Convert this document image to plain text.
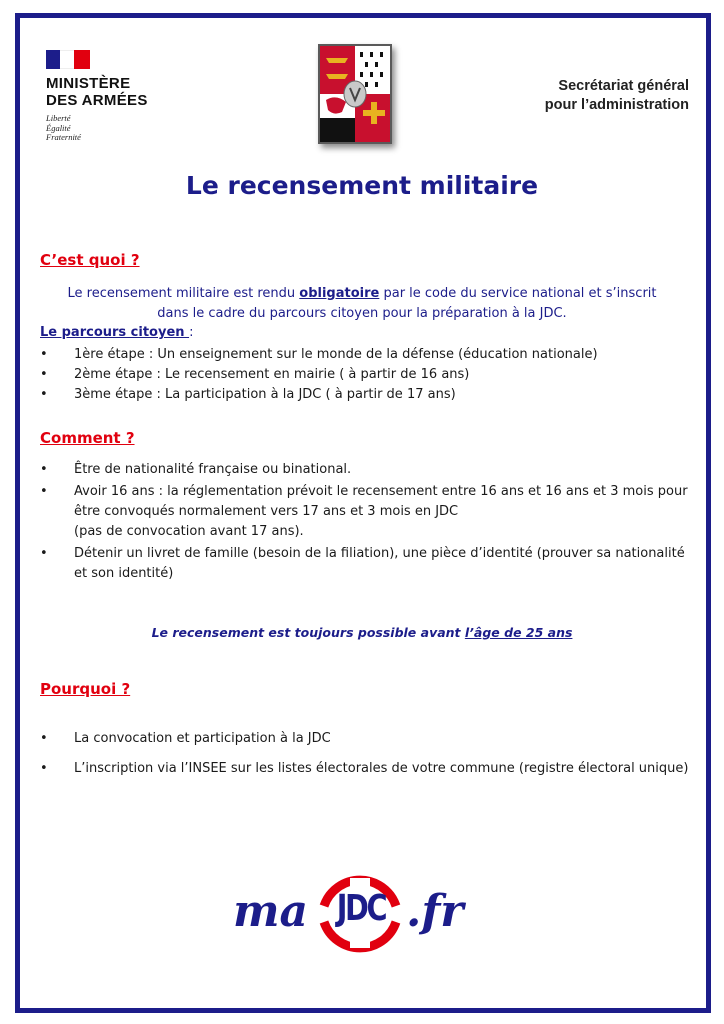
MINISTÈRE
DES ARMÉES
Liberté
Égalité
Fraternité
Secrétariat général
pour l’administration
Le recensement militaire
C’est quoi ?

Le recensement militaire est rendu obligatoire par le code du service national et s’inscrit
dans le cadre du parcours citoyen pour la préparation à la JDC.

Le parcours citoyen :

• 1ère étape : Un enseignement sur le monde de la défense (éducation nationale)
• 2ème étape : Le recensement en mairie ( à partir de 16 ans)
• 3ème étape : La participation à la JDC ( à partir de 17 ans)
Comment ?
• Être de nationalité française ou binational.
• Avoir 16 ans : la réglementation prévoit le recensement entre 16 ans et 16 ans et 3 mois pour être convoqués normalement vers 17 ans et 3 mois en JDC
(pas de convocation avant 17 ans).
• Détenir un livret de famille (besoin de la filiation), une pièce d’identité (prouver sa nationalité et son identité)

Le recensement est toujours possible avant l’âge de 25 ans

Pourquoi ?
• La convocation et participation à la JDC
• L’inscription via l’INSEE sur les listes électorales de votre commune (registre électoral unique)
ma JDC .fr
